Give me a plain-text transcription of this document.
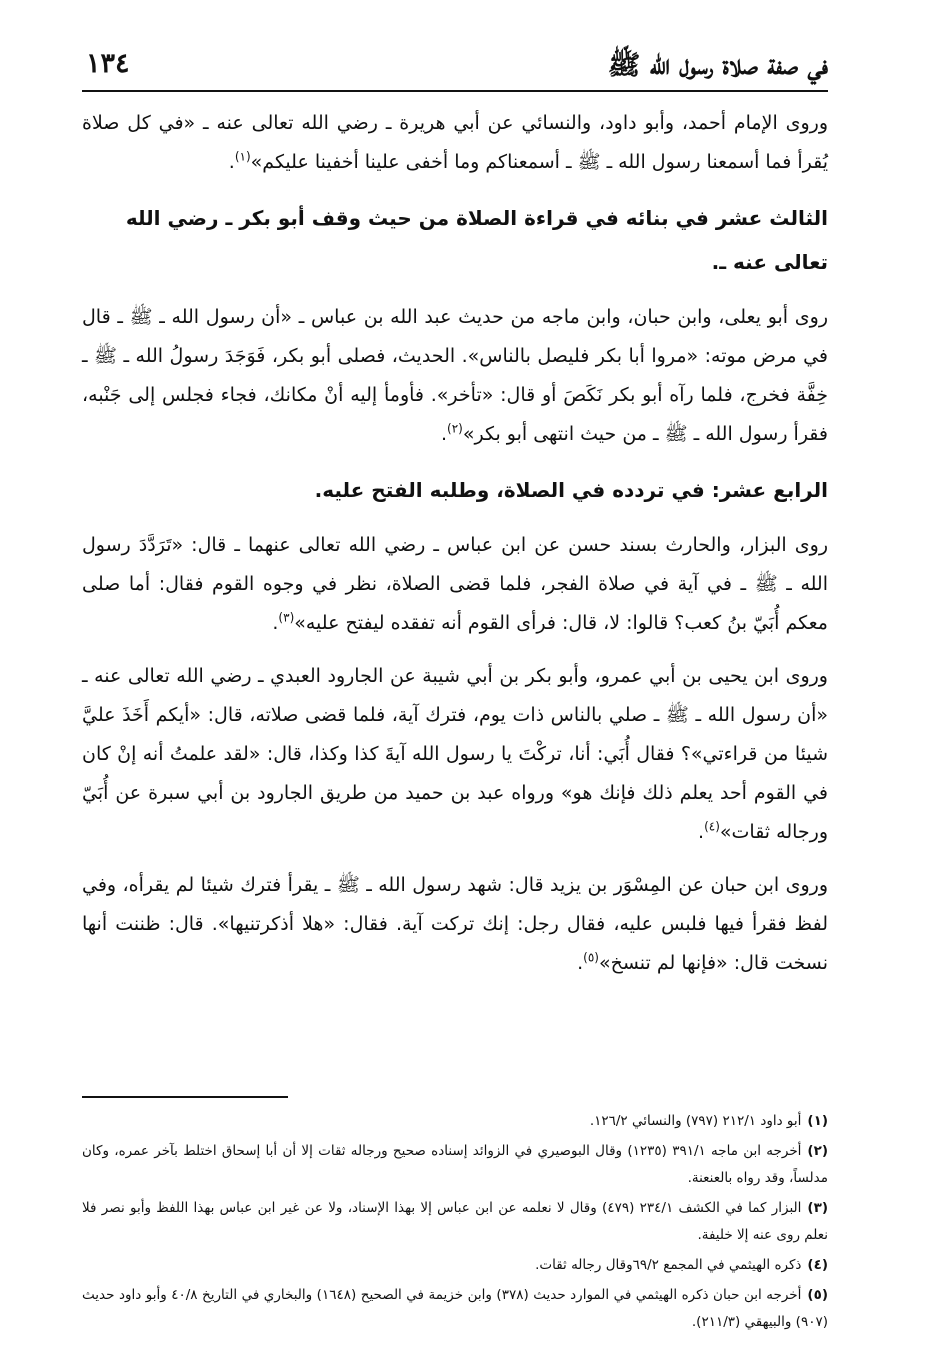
في صفة صلاة رسول الله ﷺ
١٣٤

وروى الإمام أحمد، وأبو داود، والنسائي عن أبي هريرة ـ رضي الله تعالى عنه ـ «في كل صلاة يُقرأ فما أسمعنا رسول الله ـ ﷺ ـ أسمعناكم وما أخفى علينا أخفينا عليكم»$^{(١)}$.

الثالث عشر في بنائه في قراءة الصلاة من حيث وقف أبو بكر ـ رضي الله تعالى عنه ـ.

روى أبو يعلى، وابن حبان، وابن ماجه من حديث عبد الله بن عباس ـ «أن رسول الله ـ ﷺ ـ قال في مرض موته: «مروا أبا بكر فليصل بالناس». الحديث، فصلى أبو بكر، فَوَجَدَ رسولُ الله ـ ﷺ ـ خِفَّة فخرج، فلما رآه أبو بكر نَكَصَ أو قال: «تأخر». فأومأ إليه أنْ مكانك، فجاء فجلس إلى جَنْبه، فقرأ رسول الله ـ ﷺ ـ من حيث انتهى أبو بكر»$^{(٢)}$.

الرابع عشر: في تردده في الصلاة، وطلبه الفتح عليه.

روى البزار، والحارث بسند حسن عن ابن عباس ـ رضي الله تعالى عنهما ـ قال: «تَرَدَّدَ رسول الله ـ ﷺ ـ في آية في صلاة الفجر، فلما قضى الصلاة، نظر في وجوه القوم فقال: أما صلى معكم أُبَيّ بنُ كعب؟ قالوا: لا، قال: فرأى القوم أنه تفقده ليفتح عليه»$^{(٣)}$.

وروى ابن يحيى بن أبي عمرو، وأبو بكر بن أبي شيبة عن الجارود العبدي ـ رضي الله تعالى عنه ـ «أن رسول الله ـ ﷺ ـ صلي بالناس ذات يوم، فترك آية، فلما قضى صلاته، قال: «أيكم أَخَذَ عليَّ شيئا من قراءتي»؟ فقال أُبَي: أنا، تركْتَ يا رسول الله آيةَ كذا وكذا، قال: «لقد علمتُ أنه إنْ كان في القوم أحد يعلم ذلك فإنك هو» ورواه عبد بن حميد من طريق الجارود بن أبي سبرة عن أُبَيّ ورجاله ثقات»$^{(٤)}$.

وروى ابن حبان عن المِسْوَر بن يزيد قال: شهد رسول الله ـ ﷺ ـ يقرأ فترك شيئا لم يقرأه، وفي لفظ فقرأ فيها فلبس عليه، فقال رجل: إنك تركت آية. فقال: «هلا أذكرتنيها». قال: ظننت أنها نسخت قال: «فإنها لم تنسخ»$^{(٥)}$.

(١)أبو داود ٢١٢/١ (٧٩٧) والنسائي ١٢٦/٢.

(٢)أخرجه ابن ماجه ٣٩١/١ (١٢٣٥) وقال البوصيري في الزوائد إسناده صحيح ورجاله ثقات إلا أن أبا إسحاق اختلط بآخر عمره، وكان مدلساً، وقد رواه بالعنعنة.

(٣)البزار كما في الكشف ٢٣٤/١ (٤٧٩) وقال لا نعلمه عن ابن عباس إلا بهذا الإسناد، ولا عن غير ابن عباس بهذا اللفظ وأبو نصر فلا نعلم روى عنه إلا خليفة.

(٤)ذكره الهيثمي في المجمع ٦٩/٢وقال رجاله ثقات.

(٥)أخرجه ابن حبان ذكره الهيثمي في الموارد حديث (٣٧٨) وابن خزيمة في الصحيح (١٦٤٨) والبخاري في التاريخ ٤٠/٨ وأبو داود حديث (٩٠٧) والبيهقي (٢١١/٣).
